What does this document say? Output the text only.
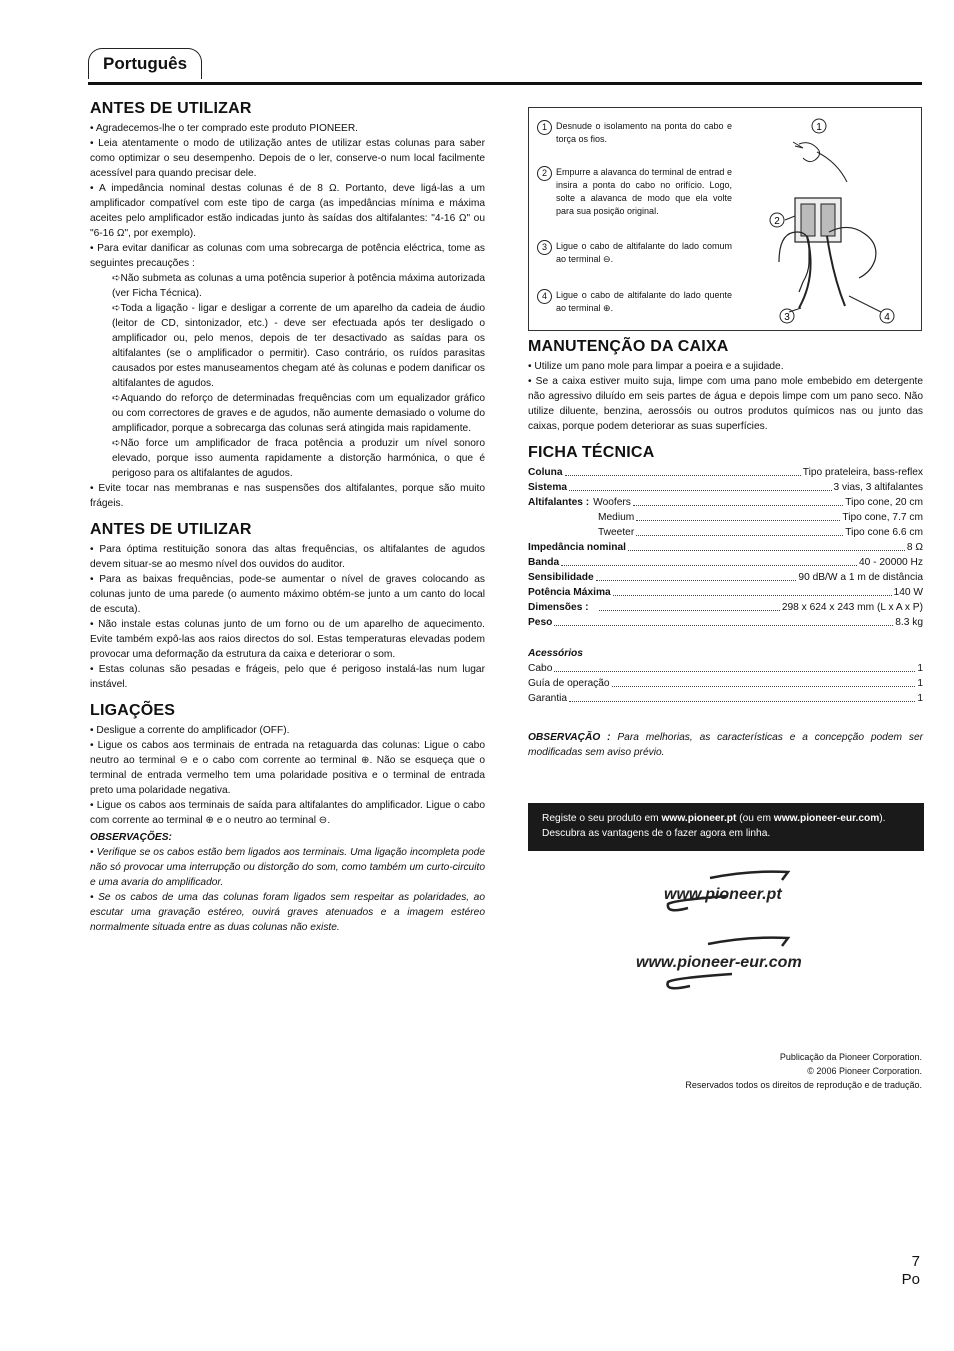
Português
ANTES DE UTILIZAR

• Agradecemos-lhe o ter comprado este produto PIONEER.

• Leia atentamente o modo de utilização antes de utilizar estas colunas para saber como optimizar o seu desempenho. Depois de o ler, conserve-o num local facilmente acessível para quando precisar dele.

• A impedância nominal destas colunas é de 8 Ω. Portanto, deve ligá-las a um amplificador compatível com este tipo de carga (as impedâncias mínima e máxima aceites pelo amplificador estão indicadas junto às saídas dos altifalantes: "4-16 Ω" ou "6-16 Ω", por exemplo).

• Para evitar danificar as colunas com uma sobrecarga de potência eléctrica, tome as seguintes precauções :

➪Não submeta as colunas a uma potência superior à potência máxima autorizada (ver Ficha Técnica).

➪Toda a ligação - ligar e desligar a corrente de um aparelho da cadeia de áudio (leitor de CD, sintonizador, etc.) - deve ser efectuada após ter desligado o amplificador ou, pelo menos, depois de ter desactivado as saídas para os altifalantes (se o amplificador o permitir). Caso contrário, os ruídos parasitas causados por estes manuseamentos chegam até às colunas e podem danificar os altifalantes de agudos.

➪Aquando do reforço de determinadas frequências com um equalizador gráfico ou com correctores de graves e de agudos, não aumente demasiado o volume do amplificador, porque a sobrecarga das colunas será atingida mais rapidamente.

➪Não force um amplificador de fraca potência a produzir um nível sonoro elevado, porque isso aumenta rapidamente a distorção harmónica, o que é perigoso para os altifalantes de agudos.

• Evite tocar nas membranas e nas suspensões dos altifalantes, porque são muito frágeis.

ANTES DE UTILIZAR

• Para óptima restituição sonora das altas frequências, os altifalantes de agudos devem situar-se ao mesmo nível dos ouvidos do auditor.

• Para as baixas frequências, pode-se aumentar o nível de graves colocando as colunas junto de uma parede (o aumento máximo obtém-se junto a um canto do local de escuta).

• Não instale estas colunas junto de um forno ou de um aparelho de aquecimento. Evite também expô-las aos raios directos do sol. Estas temperaturas elevadas podem provocar uma deformação da estrutura da caixa e deteriorar o som.

• Estas colunas são pesadas e frágeis, pelo que é perigoso instalá-las num lugar instável.

LIGAÇÕES

• Desligue a corrente do amplificador (OFF).

• Ligue os cabos aos terminais de entrada na retaguarda das colunas: Ligue o cabo neutro ao terminal ⊖ e o cabo com corrente ao terminal ⊕. Não se esqueça que o terminal de entrada vermelho tem uma polaridade positiva e o terminal de entrada preto uma polaridade negativa.

• Ligue os cabos aos terminais de saída para altifalantes do amplificador. Ligue o cabo com corrente ao terminal ⊕ e o neutro ao terminal ⊖.

OBSERVAÇÕES:

• Verifique se os cabos estão bem ligados aos terminais. Uma ligação incompleta pode não só provocar uma interrupção ou distorção do som, como também um curto-circuito e uma avaria do amplificador.

• Se os cabos de uma das colunas foram ligados sem respeitar as polaridades, ao escutar uma gravação estéreo, ouvirá graves atenuados e a imagem estéreo normalmente situada entre as duas colunas não existe.

1 Desnude o isolamento na ponta do cabo e torça os fios.
2 Empurre a alavanca do terminal de entrad e insira a ponta do cabo no orifício. Logo, solte a alavanca de modo que ela volte para sua posição original.
3 Ligue o cabo de altifalante do lado comum ao terminal ⊖.
4 Ligue o cabo de altifalante do lado quente ao terminal ⊕.
1
2
3	4
MANUTENÇÃO DA CAIXA

• Utilize um pano mole para limpar a poeira e a sujidade.

• Se a caixa estiver muito suja, limpe com uma pano mole embebido em detergente não agressivo diluído em seis partes de água e depois limpe com um pano seco. Não utilize diluente, benzina, aerossóis ou outros produtos químicos nas ou junto das caixas, porque podem deteriorar as suas superfícies.

FICHA TÉCNICA
Coluna	Tipo prateleira, bass-reflex
Sistema	3 vias, 3 altifalantes
Altifalantes : Woofers	Tipo cone, 20 cm
Medium	Tipo cone, 7.7 cm
Tweeter	Tipo cone 6.6 cm
Impedância nominal	8 Ω
Banda	40 - 20000 Hz
Sensibilidade	90 dB/W a 1 m de distância
Potência Máxima	140 W
Dimensões :	298 x 624 x 243 mm (L x A x P)
Peso	8.3 kg

Acessórios

Cabo	1
Guía de operação	1
Garantia	1

OBSERVAÇÃO : Para melhorias, as características e a concepção podem ser modificadas sem aviso prévio.

Registe o seu produto em www.pioneer.pt (ou em www.pioneer-eur.com).
Descubra as vantagens de o fazer agora em linha.
www.pioneer.pt
www.pioneer-eur.com
Publicação da Pioneer Corporation.
© 2006 Pioneer Corporation.
Reservados todos os direitos de reprodução e de tradução.
7
Po
